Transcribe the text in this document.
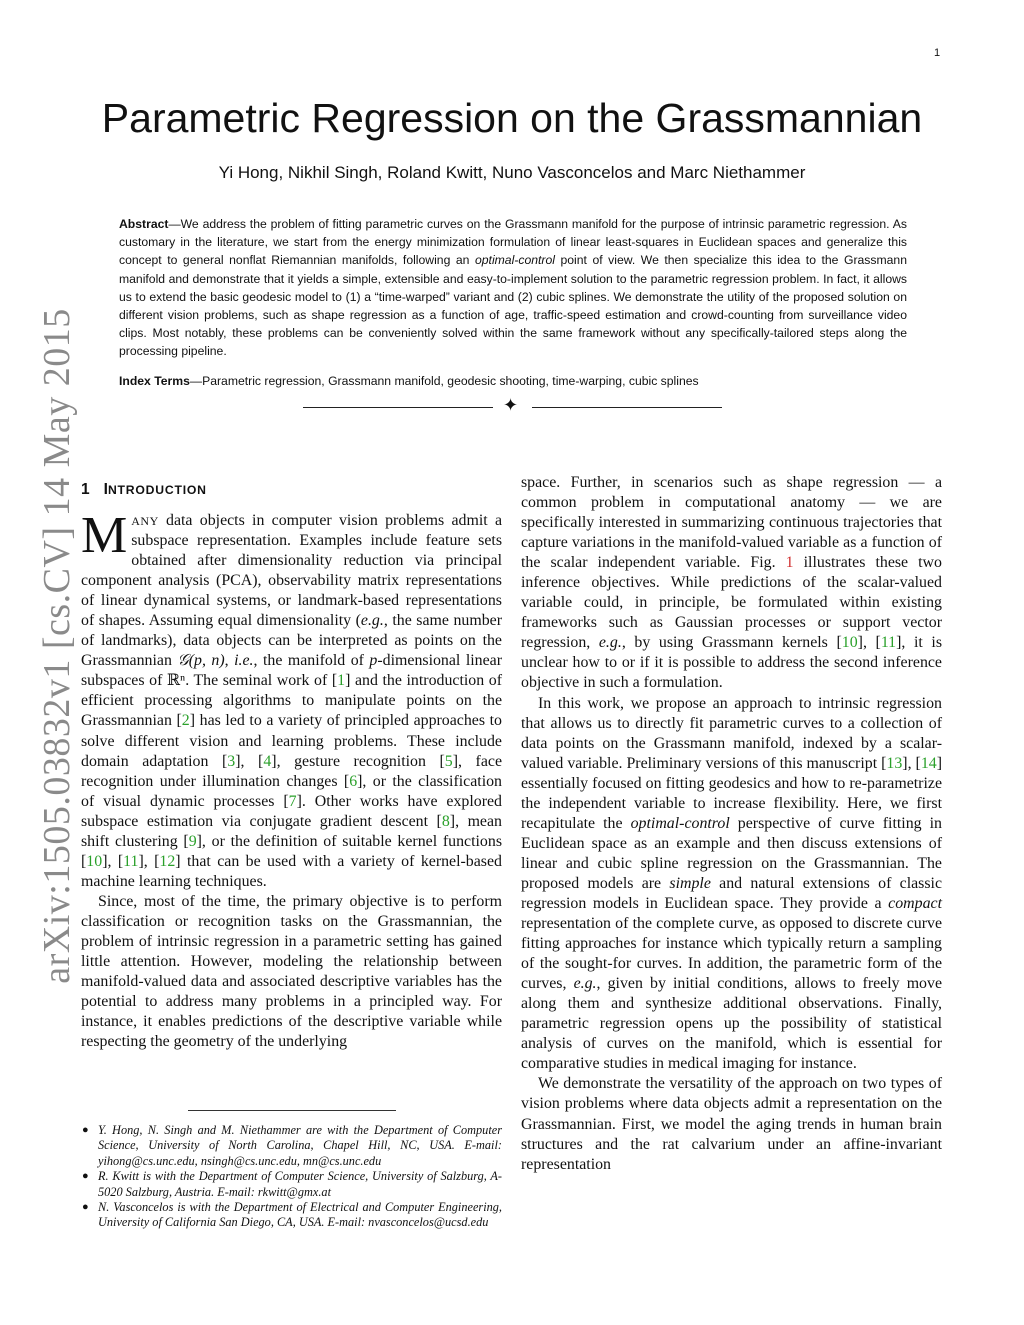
1
arXiv:1505.03832v1 [cs.CV] 14 May 2015
Parametric Regression on the Grassmannian
Yi Hong, Nikhil Singh, Roland Kwitt, Nuno Vasconcelos and Marc Niethammer

Abstract—We address the problem of fitting parametric curves on the Grassmann manifold for the purpose of intrinsic parametric regression. As customary in the literature, we start from the energy minimization formulation of linear least-squares in Euclidean spaces and generalize this concept to general nonflat Riemannian manifolds, following an optimal-control point of view. We then specialize this idea to the Grassmann manifold and demonstrate that it yields a simple, extensible and easy-to-implement solution to the parametric regression problem. In fact, it allows us to extend the basic geodesic model to (1) a “time-warped” variant and (2) cubic splines. We demonstrate the utility of the proposed solution on different vision problems, such as shape regression as a function of age, traffic-speed estimation and crowd-counting from surveillance video clips. Most notably, these problems can be conveniently solved within the same framework without any specifically-tailored steps along the processing pipeline.

Index Terms—Parametric regression, Grassmann manifold, geodesic shooting, time-warping, cubic splines

✦
1 INTRODUCTION

MANY data objects in computer vision problems admit a subspace representation. Examples include feature sets obtained after dimensionality reduction via principal component analysis (PCA), observability matrix representations of linear dynamical systems, or landmark-based representations of shapes. Assuming equal dimensionality (e.g., the same number of landmarks), data objects can be interpreted as points on the Grassmannian 𝒢(p, n), i.e., the manifold of p-dimensional linear subspaces of ℝⁿ. The seminal work of [1] and the introduction of efficient processing algorithms to manipulate points on the Grassmannian [2] has led to a variety of principled approaches to solve different vision and learning problems. These include domain adaptation [3], [4], gesture recognition [5], face recognition under illumination changes [6], or the classification of visual dynamic processes [7]. Other works have explored subspace estimation via conjugate gradient descent [8], mean shift clustering [9], or the definition of suitable kernel functions [10], [11], [12] that can be used with a variety of kernel-based machine learning techniques.

Since, most of the time, the primary objective is to perform classification or recognition tasks on the Grassmannian, the problem of intrinsic regression in a parametric setting has gained little attention. However, modeling the relationship between manifold-valued data and associated descriptive variables has the potential to address many problems in a principled way. For instance, it enables predictions of the descriptive variable while respecting the geometry of the underlying

space. Further, in scenarios such as shape regression — a common problem in computational anatomy — we are specifically interested in summarizing continuous trajectories that capture variations in the manifold-valued variable as a function of the scalar independent variable. Fig. 1 illustrates these two inference objectives. While predictions of the scalar-valued variable could, in principle, be formulated within existing frameworks such as Gaussian processes or support vector regression, e.g., by using Grassmann kernels [10], [11], it is unclear how to or if it is possible to address the second inference objective in such a formulation.

In this work, we propose an approach to intrinsic regression that allows us to directly fit parametric curves to a collection of data points on the Grassmann manifold, indexed by a scalar-valued variable. Preliminary versions of this manuscript [13], [14] essentially focused on fitting geodesics and how to re-parametrize the independent variable to increase flexibility. Here, we first recapitulate the optimal-control perspective of curve fitting in Euclidean space as an example and then discuss extensions of linear and cubic spline regression on the Grassmannian. The proposed models are simple and natural extensions of classic regression models in Euclidean space. They provide a compact representation of the complete curve, as opposed to discrete curve fitting approaches for instance which typically return a sampling of the sought-for curves. In addition, the parametric form of the curves, e.g., given by initial conditions, allows to freely move along them and synthesize additional observations. Finally, parametric regression opens up the possibility of statistical analysis of curves on the manifold, which is essential for comparative studies in medical imaging for instance.

We demonstrate the versatility of the approach on two types of vision problems where data objects admit a representation on the Grassmannian. First, we model the aging trends in human brain structures and the rat calvarium under an affine-invariant representation

● Y. Hong, N. Singh and M. Niethammer are with the Department of Computer Science, University of North Carolina, Chapel Hill, NC, USA. E-mail: yihong@cs.unc.edu, nsingh@cs.unc.edu, mn@cs.unc.edu
● R. Kwitt is with the Department of Computer Science, University of Salzburg, A-5020 Salzburg, Austria. E-mail: rkwitt@gmx.at
● N. Vasconcelos is with the Department of Electrical and Computer Engineering, University of California San Diego, CA, USA. E-mail: nvasconcelos@ucsd.edu
